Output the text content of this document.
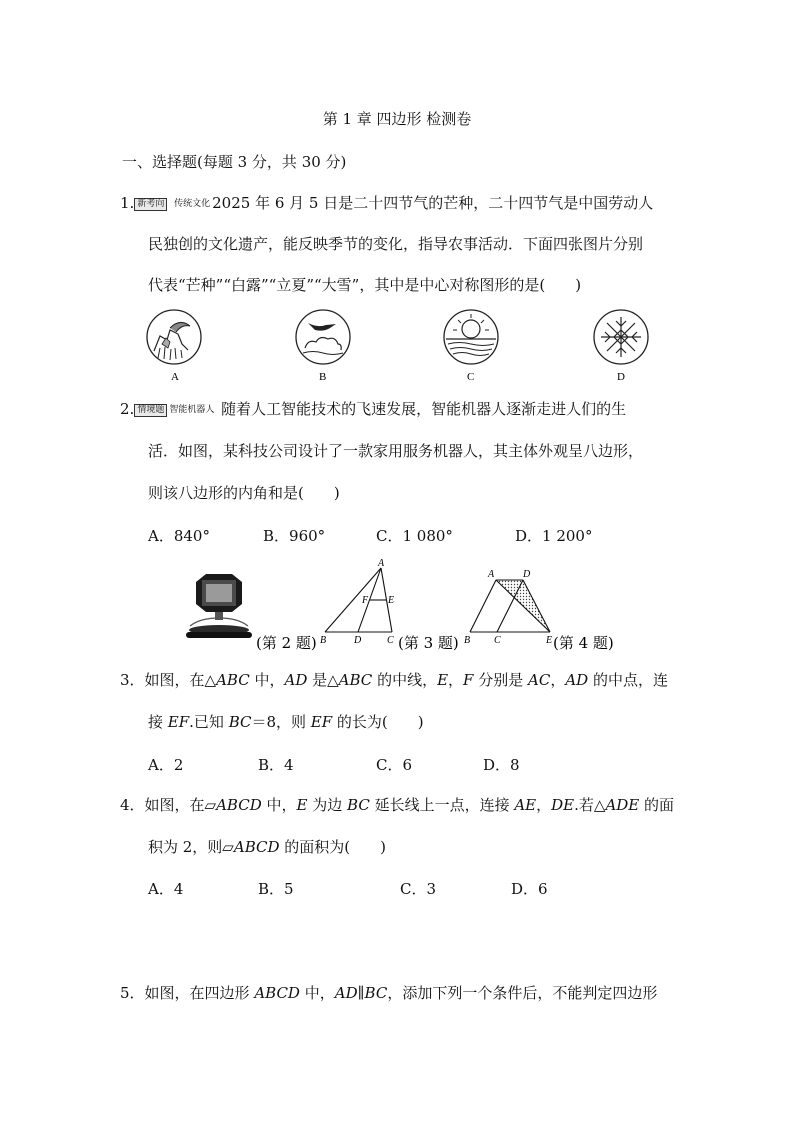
第 1 章 四边形 检测卷
一、选择题(每题 3 分，共 30 分)
1. 新考向 传统文化 2025 年 6 月 5 日是二十四节气的芒种，二十四节气是中国劳动人
民独创的文化遗产，能反映季节的变化，指导农事活动．下面四张图片分别
代表“芒种”“白露”“立夏”“大雪”，其中是中心对称图形的是(　　)
A	B	C	D
2. 情境题 智能机器人 随着人工智能技术的飞速发展，智能机器人逐渐走进人们的生
活．如图，某科技公司设计了一款家用服务机器人，其主体外观呈八边形，
则该八边形的内角和是(　　)
A．840°	B．960°	C．1 080°	D．1 200°
(第 2 题)
A
B	D	C
F E
(第 3 题)
A	D
B C	E (第 4 题)
3．如图，在△ABC 中，AD 是△ABC 的中线，E，F 分别是 AC，AD 的中点，连
接 EF.已知 BC＝8，则 EF 的长为(　　)
A．2	B．4	C．6	D．8
4．如图，在▱ABCD 中，E 为边 BC 延长线上一点，连接 AE，DE.若△ADE 的面
积为 2，则▱ABCD 的面积为(　　)
A．4	B．5	C．3	D．6
5．如图，在四边形 ABCD 中，AD∥BC，添加下列一个条件后，不能判定四边形
